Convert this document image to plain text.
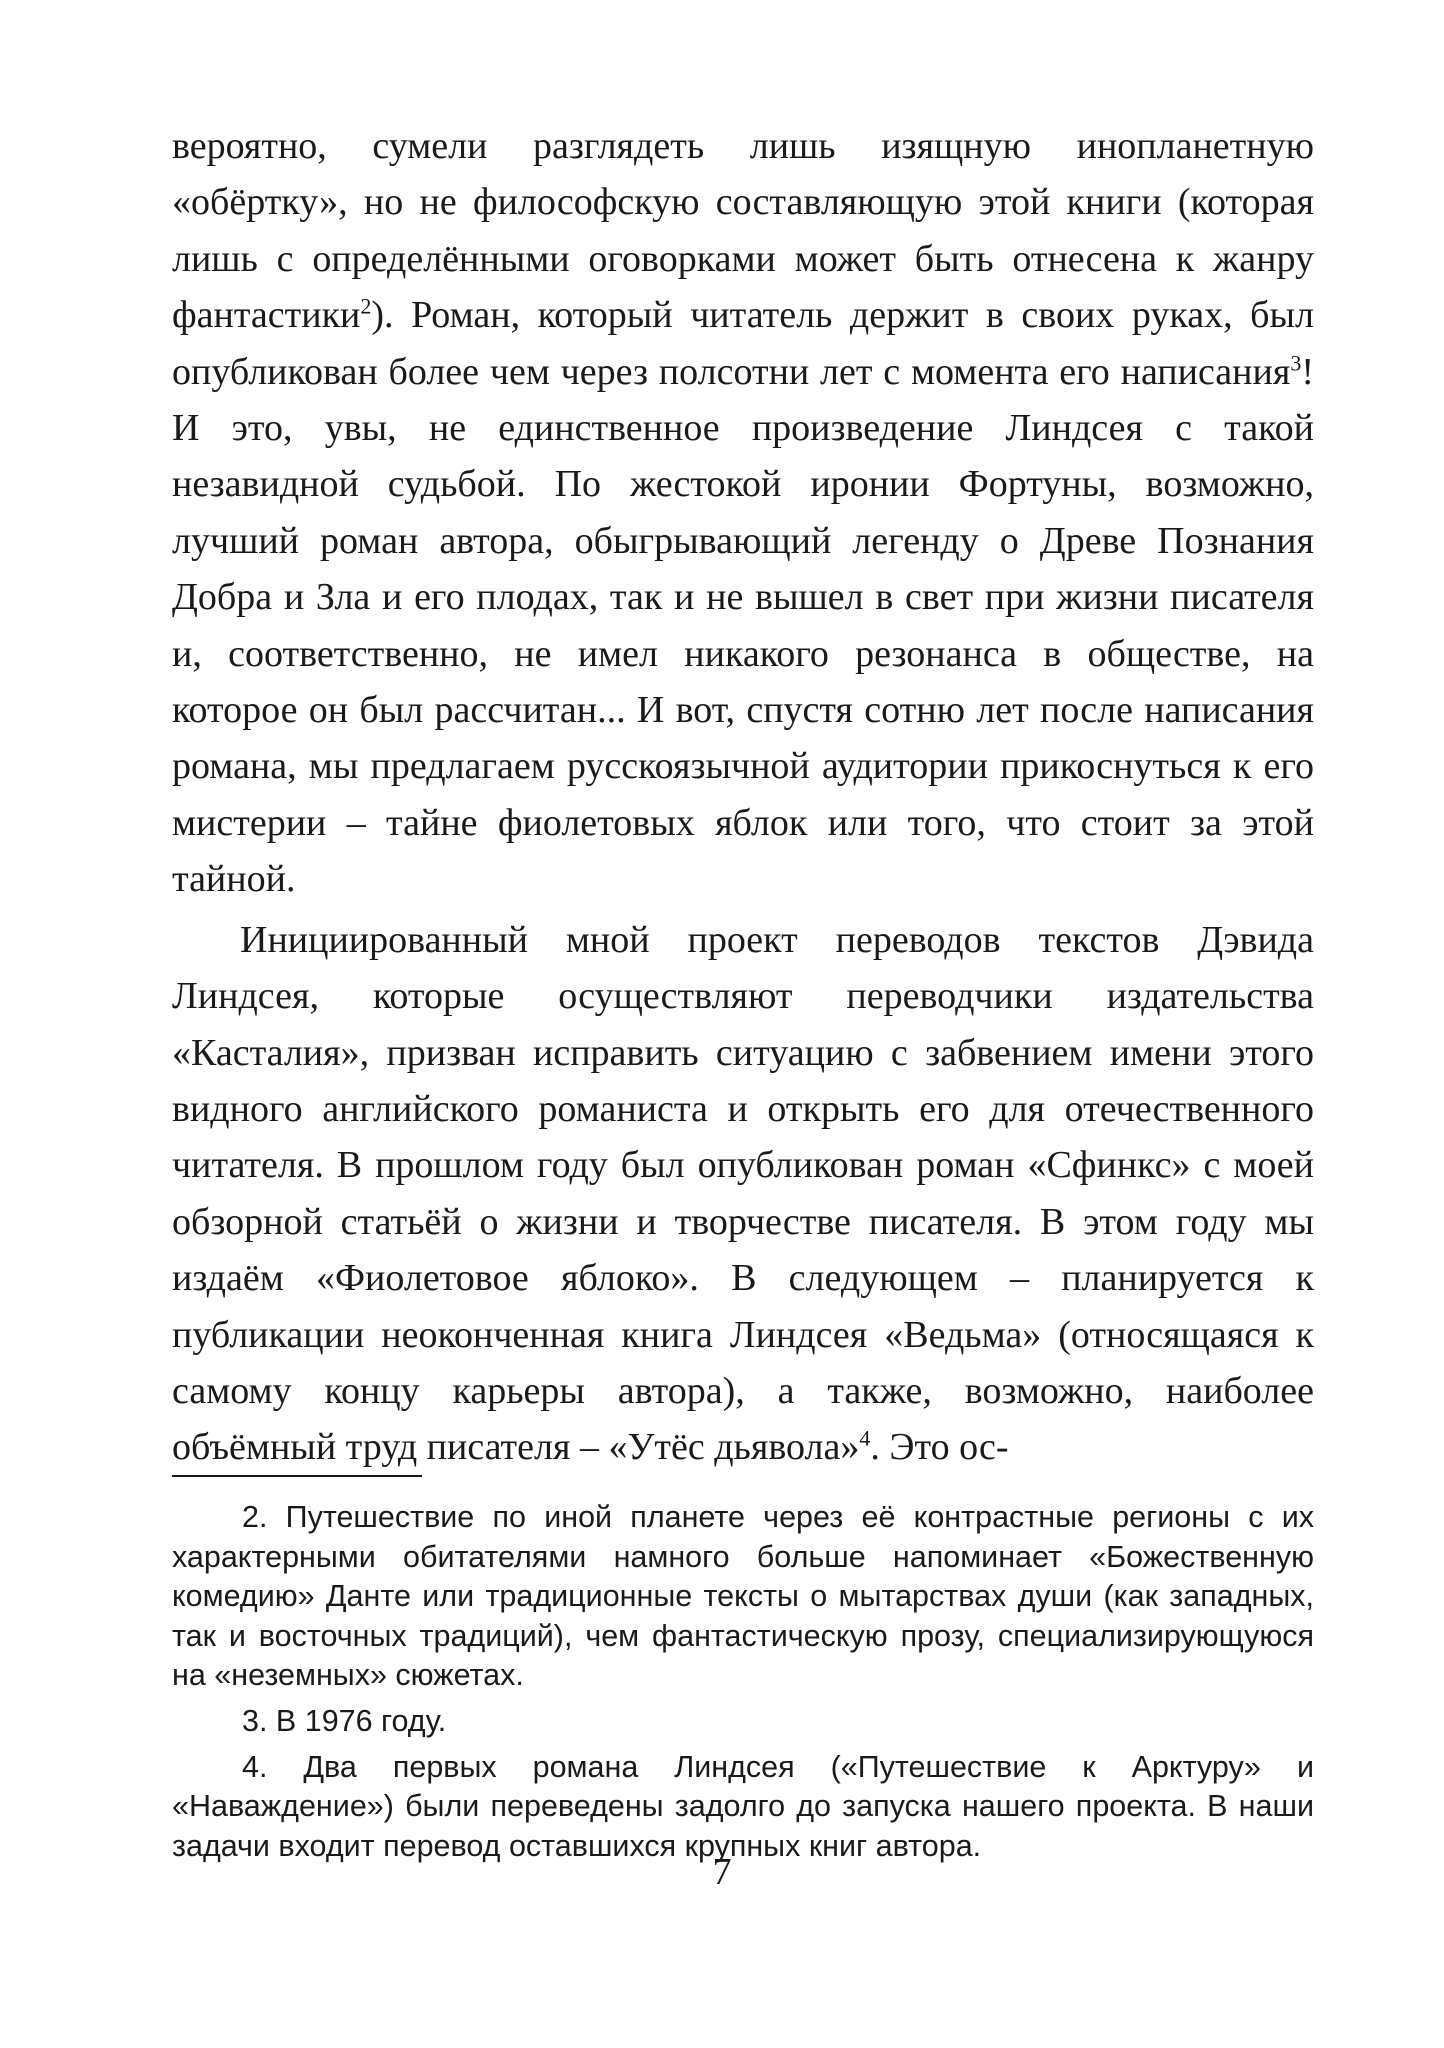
вероятно, сумели разглядеть лишь изящную инопланетную «обёртку», но не философскую составляющую этой книги (которая лишь с определёнными оговорками может быть отнесена к жанру фантастики$^2$). Роман, который читатель держит в своих руках, был опубликован более чем через полсотни лет с момента его написания$^3$! И это, увы, не единственное произведение Линдсея с такой незавидной судьбой. По жестокой иронии Фортуны, возможно, лучший роман автора, обыгрывающий легенду о Древе Познания Добра и Зла и его плодах, так и не вышел в свет при жизни писателя и, соответственно, не имел никакого резонанса в обществе, на которое он был рассчитан... И вот, спустя сотню лет после написания романа, мы предлагаем русскоязычной аудитории прикоснуться к его мистерии – тайне фиолетовых яблок или того, что стоит за этой тайной.

Инициированный мной проект переводов текстов Дэвида Линдсея, которые осуществляют переводчики издательства «Касталия», призван исправить ситуацию с забвением имени этого видного английского романиста и открыть его для отечественного читателя. В прошлом году был опубликован роман «Сфинкс» с моей обзорной статьёй о жизни и творчестве писателя. В этом году мы издаём «Фиолетовое яблоко». В следующем – планируется к публикации неоконченная книга Линдсея «Ведьма» (относящаяся к самому концу карьеры автора), а также, возможно, наиболее объёмный труд писателя – «Утёс дьявола»$^4$. Это ос-

2. Путешествие по иной планете через её контрастные регионы с их характерными обитателями намного больше напоминает «Божественную комедию» Данте или традиционные тексты о мытарствах души (как западных, так и восточных традиций), чем фантастическую прозу, специализирующуюся на «неземных» сюжетах.

3. В 1976 году.

4. Два первых романа Линдсея («Путешествие к Арктуру» и «Наваждение») были переведены задолго до запуска нашего проекта. В наши задачи входит перевод оставшихся крупных книг автора.

7
